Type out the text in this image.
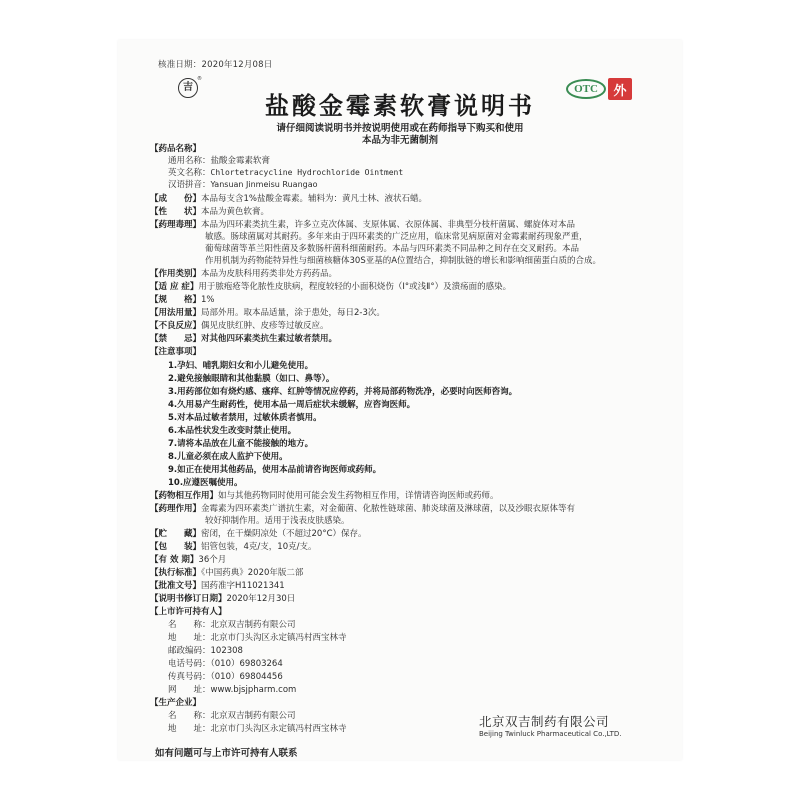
核准日期：2020年12月08日
吉
®
盐酸金霉素软膏说明书
OTC	外
请仔细阅读说明书并按说明使用或在药师指导下购买和使用
本品为非无菌制剂
【药品名称】
通用名称：盐酸金霉素软膏
英文名称：Chlortetracycline Hydrochloride Ointment
汉语拼音：Yansuan Jinmeisu Ruangao
【成　　份】本品每支含1%盐酸金霉素。辅料为：黄凡士林、液状石蜡。
【性　　状】本品为黄色软膏。
【药理毒理】本品为四环素类抗生素，许多立克次体属、支原体属、衣原体属、非典型分枝杆菌属、螺旋体对本品
敏感。肠球菌属对其耐药。多年来由于四环素类的广泛应用，临床常见病原菌对金霉素耐药现象严重，
葡萄球菌等革兰阳性菌及多数肠杆菌科细菌耐药。本品与四环素类不同品种之间存在交叉耐药。本品
作用机制为药物能特异性与细菌核糖体30S亚基的A位置结合，抑制肽链的增长和影响细菌蛋白质的合成。
【作用类别】本品为皮肤科用药类非处方药药品。
【适 应 症】用于脓疱疮等化脓性皮肤病，程度较轻的小面积烧伤（Ⅰ°或浅Ⅱ°）及溃疡面的感染。
【规　　格】1%
【用法用量】局部外用。取本品适量，涂于患处，每日2-3次。
【不良反应】偶见皮肤红肿、皮疹等过敏反应。
【禁　　忌】对其他四环素类抗生素过敏者禁用。
【注意事项】
1.孕妇、哺乳期妇女和小儿避免使用。
2.避免接触眼睛和其他黏膜（如口、鼻等）。
3.用药部位如有烧灼感、瘙痒、红肿等情况应停药，并将局部药物洗净，必要时向医师咨询。
4.久用易产生耐药性，使用本品一周后症状未缓解，应咨询医师。
5.对本品过敏者禁用，过敏体质者慎用。
6.本品性状发生改变时禁止使用。
7.请将本品放在儿童不能接触的地方。
8.儿童必须在成人监护下使用。
9.如正在使用其他药品，使用本品前请咨询医师或药师。
10.应遵医嘱使用。
【药物相互作用】如与其他药物同时使用可能会发生药物相互作用，详情请咨询医师或药师。
【药理作用】金霉素为四环素类广谱抗生素，对金葡菌、化脓性链球菌、肺炎球菌及淋球菌，以及沙眼衣原体等有
较好抑制作用。适用于浅表皮肤感染。
【贮　　藏】密闭，在干燥阴凉处（不超过20°C）保存。
【包　　装】铝管包装，4克/支，10克/支。
【有 效 期】36个月
【执行标准】《中国药典》2020年版二部
【批准文号】国药准字H11021341
【说明书修订日期】2020年12月30日
【上市许可持有人】
名　　称：北京双吉制药有限公司
地　　址：北京市门头沟区永定镇冯村西宝林寺
邮政编码：102308
电话号码：（010）69803264
传真号码：（010）69804456
网　　址：www.bjsjpharm.com
【生产企业】
名　　称：北京双吉制药有限公司	北京双吉制药有限公司
Beijing Twinluck Pharmaceutical Co.,LTD.
地　　址：北京市门头沟区永定镇冯村西宝林寺
如有问题可与上市许可持有人联系
